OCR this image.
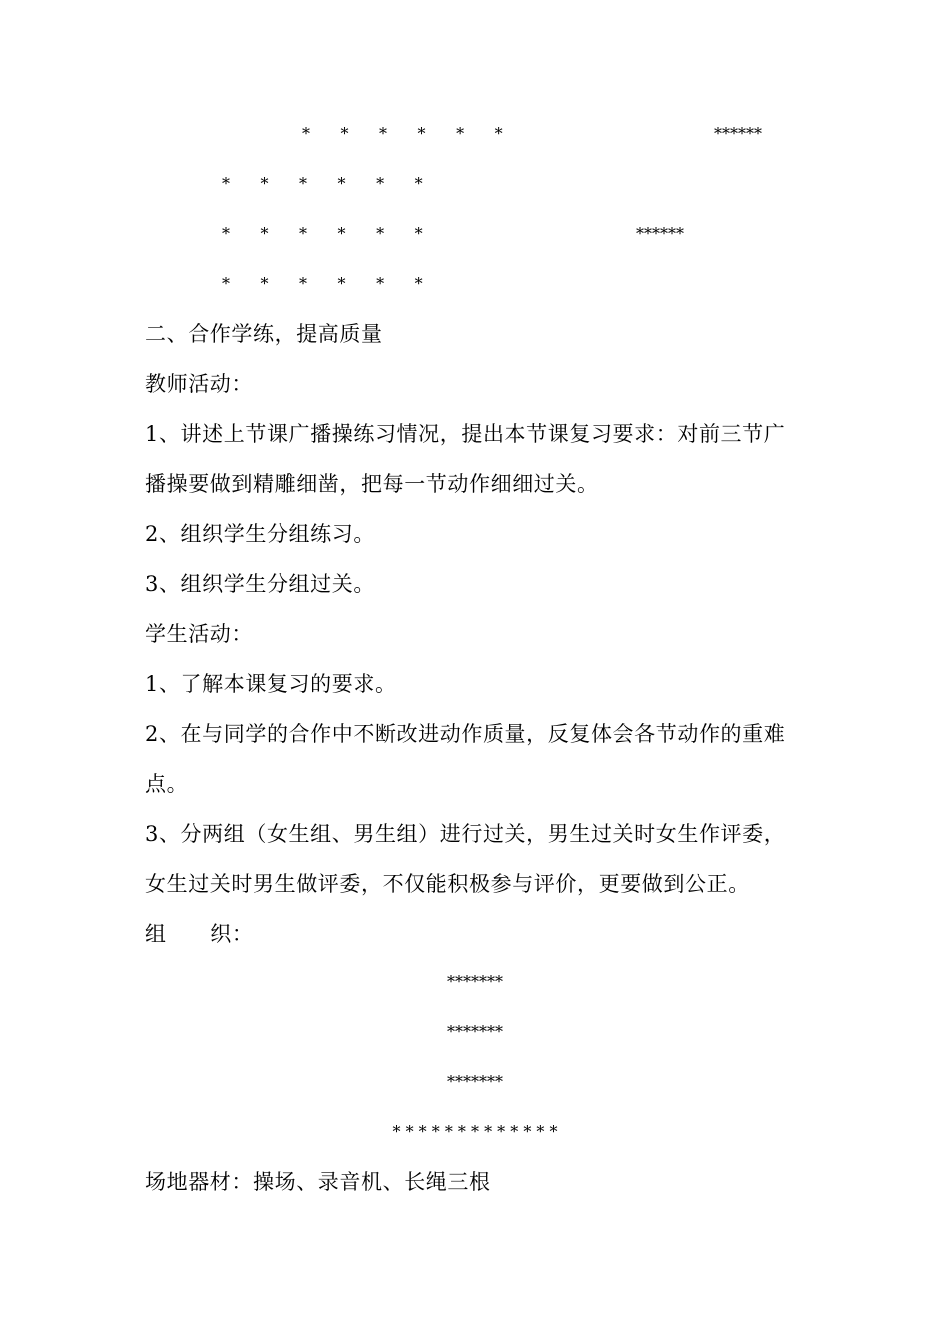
*      *      *      *      *      *	******
*      *      *      *      *      *
*      *      *      *      *      *	******
*      *      *      *      *      *
二、合作学练，提高质量
教师活动：
1、讲述上节课广播操练习情况，提出本节课复习要求：对前三节广
播操要做到精雕细凿，把每一节动作细细过关。
2、组织学生分组练习。
3、组织学生分组过关。
学生活动：
1、了解本课复习的要求。
2、在与同学的合作中不断改进动作质量，反复体会各节动作的重难
点。
3、分两组（女生组、男生组）进行过关，男生过关时女生作评委，
女生过关时男生做评委，不仅能积极参与评价，更要做到公正。
组      织：
*******
*******
*******
* * * * * * * * * * * * *
场地器材：操场、录音机、长绳三根
